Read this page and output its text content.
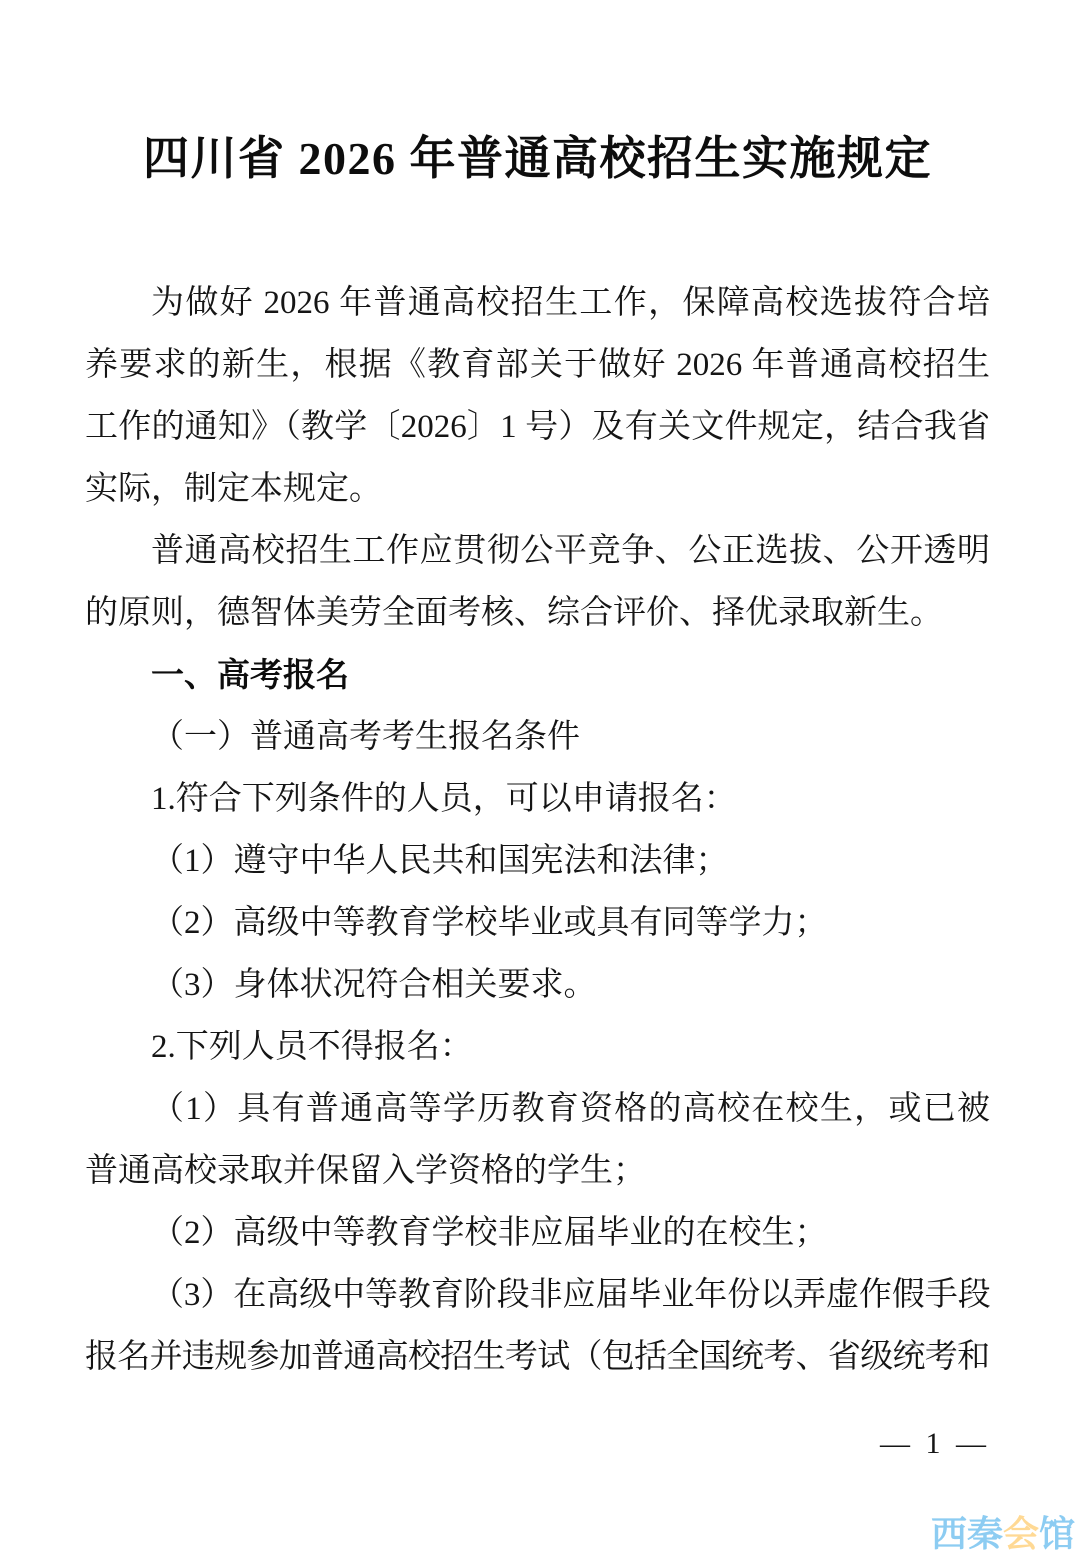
四川省 2026 年普通高校招生实施规定

为做好 2026 年普通高校招生工作，保障高校选拔符合培养要求的新生，根据《教育部关于做好 2026 年普通高校招生工作的通知》（教学〔2026〕1 号）及有关文件规定，结合我省实际，制定本规定。

普通高校招生工作应贯彻公平竞争、公正选拔、公开透明的原则，德智体美劳全面考核、综合评价、择优录取新生。

一、高考报名

（一）普通高考考生报名条件

1.符合下列条件的人员，可以申请报名：

（1）遵守中华人民共和国宪法和法律；

（2）高级中等教育学校毕业或具有同等学力；

（3）身体状况符合相关要求。

2.下列人员不得报名：

（1）具有普通高等学历教育资格的高校在校生，或已被普通高校录取并保留入学资格的学生；

（2）高级中等教育学校非应届毕业的在校生；

（3）在高级中等教育阶段非应届毕业年份以弄虚作假手段报名并违规参加普通高校招生考试（包括全国统考、省级统考和

— 1 —
西秦会馆
